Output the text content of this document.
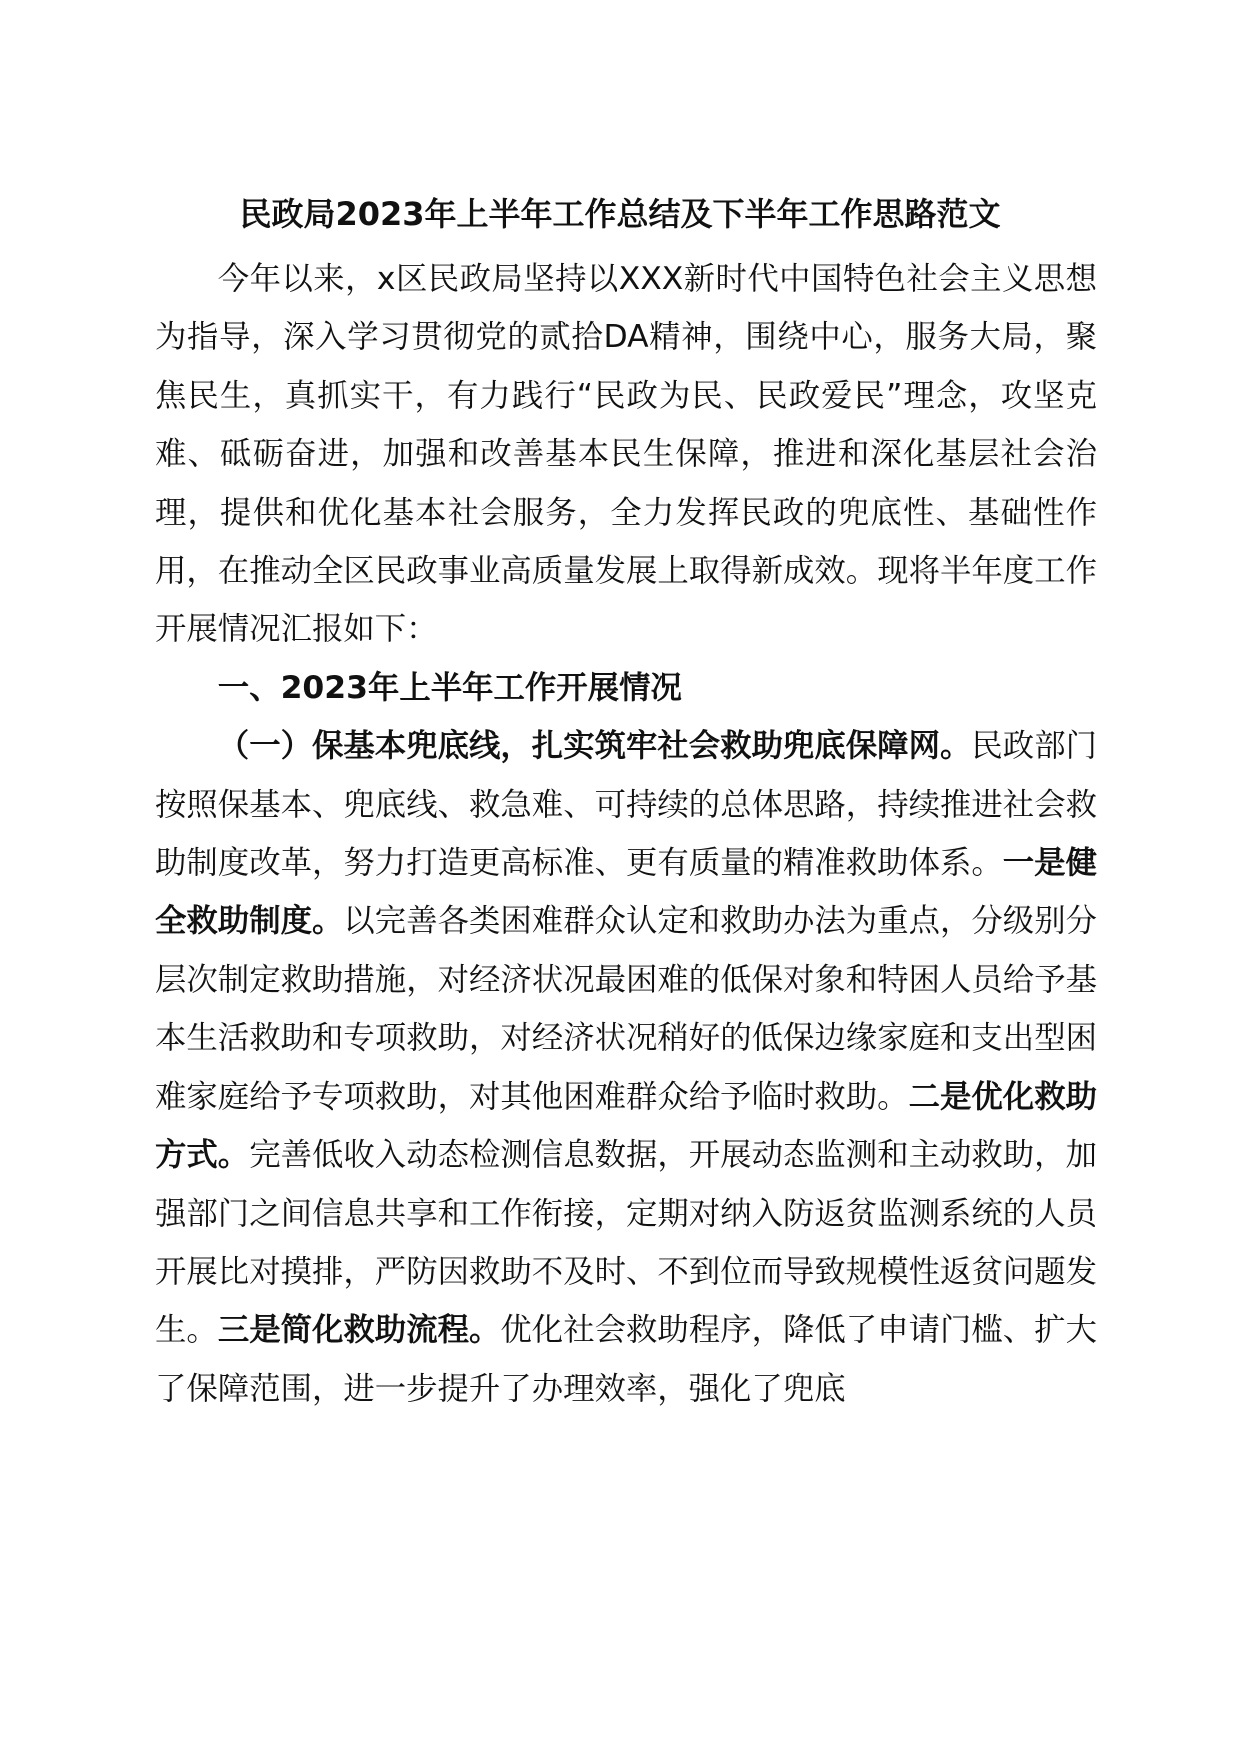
民政局2023年上半年工作总结及下半年工作思路范文

今年以来，x区民政局坚持以XXX新时代中国特色社会主义思想为指导，深入学习贯彻党的贰拾DA精神，围绕中心，服务大局，聚焦民生，真抓实干，有力践行“民政为民、民政爱民”理念，攻坚克难、砥砺奋进，加强和改善基本民生保障，推进和深化基层社会治理，提供和优化基本社会服务，全力发挥民政的兜底性、基础性作用，在推动全区民政事业高质量发展上取得新成效。现将半年度工作开展情况汇报如下：

一、2023年上半年工作开展情况

（一）保基本兜底线，扎实筑牢社会救助兜底保障网。民政部门按照保基本、兜底线、救急难、可持续的总体思路，持续推进社会救助制度改革，努力打造更高标准、更有质量的精准救助体系。一是健全救助制度。以完善各类困难群众认定和救助办法为重点，分级别分层次制定救助措施，对经济状况最困难的低保对象和特困人员给予基本生活救助和专项救助，对经济状况稍好的低保边缘家庭和支出型困难家庭给予专项救助，对其他困难群众给予临时救助。二是优化救助方式。完善低收入动态检测信息数据，开展动态监测和主动救助，加强部门之间信息共享和工作衔接，定期对纳入防返贫监测系统的人员开展比对摸排，严防因救助不及时、不到位而导致规模性返贫问题发生。三是简化救助流程。优化社会救助程序，降低了申请门槛、扩大了保障范围，进一步提升了办理效率，强化了兜底
